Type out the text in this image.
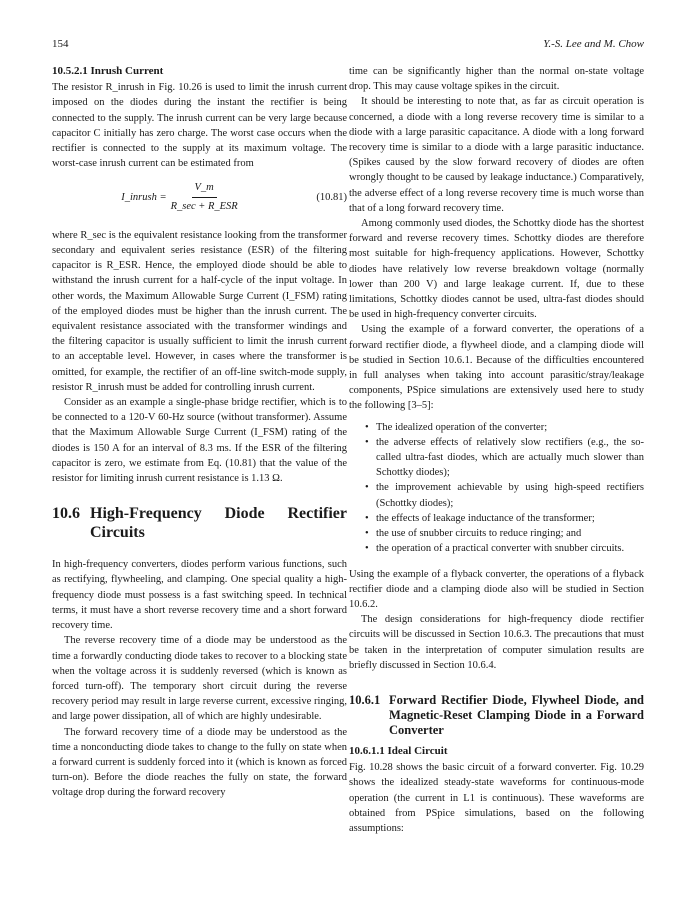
154	Y.-S. Lee and M. Chow
10.5.2.1 Inrush Current

The resistor R_inrush in Fig. 10.26 is used to limit the inrush current imposed on the diodes during the instant the rectifier is being connected to the supply. The inrush current can be very large because capacitor C initially has zero charge. The worst case occurs when the rectifier is connected to the supply at its maximum voltage. The worst-case inrush current can be estimated from

I_inrush = $\frac{V\_m}{\text{R\_sec + R\_ESR}}$	(10.81)

where R_sec is the equivalent resistance looking from the transformer secondary and equivalent series resistance (ESR) of the filtering capacitor is R_ESR. Hence, the employed diode should be able to withstand the inrush current for a half-cycle of the input voltage. In other words, the Maximum Allowable Surge Current (I_FSM) rating of the employed diodes must be higher than the inrush current. The equivalent resistance associated with the transformer windings and the filtering capacitor is usually sufficient to limit the inrush current to an acceptable level. However, in cases where the transformer is omitted, for example, the rectifier of an off-line switch-mode supply, resistor R_inrush must be added for controlling inrush current.

Consider as an example a single-phase bridge rectifier, which is to be connected to a 120-V 60-Hz source (without transformer). Assume that the Maximum Allowable Surge Current (I_FSM) rating of the diodes is 150 A for an interval of 8.3 ms. If the ESR of the filtering capacitor is zero, we estimate from Eq. (10.81) that the value of the resistor for limiting inrush current resistance is 1.13 Ω.

10.6 High-Frequency Diode Rectifier Circuits

In high-frequency converters, diodes perform various functions, such as rectifying, flywheeling, and clamping. One special quality a high-frequency diode must possess is a fast switching speed. In technical terms, it must have a short reverse recovery time and a short forward recovery time.

The reverse recovery time of a diode may be understood as the time a forwardly conducting diode takes to recover to a blocking state when the voltage across it is suddenly reversed (which is known as forced turn-off). The temporary short circuit during the reverse recovery period may result in large reverse current, excessive ringing, and large power dissipation, all of which are highly undesirable.

The forward recovery time of a diode may be understood as the time a nonconducting diode takes to change to the fully on state when a forward current is suddenly forced into it (which is known as forced turn-on). Before the diode reaches the fully on state, the forward voltage drop during the forward recovery

time can be significantly higher than the normal on-state voltage drop. This may cause voltage spikes in the circuit.

It should be interesting to note that, as far as circuit operation is concerned, a diode with a long reverse recovery time is similar to a diode with a large parasitic capacitance. A diode with a long forward recovery time is similar to a diode with a large parasitic inductance. (Spikes caused by the slow forward recovery of diodes are often wrongly thought to be caused by leakage inductance.) Comparatively, the adverse effect of a long reverse recovery time is much worse than that of a long forward recovery time.

Among commonly used diodes, the Schottky diode has the shortest forward and reverse recovery times. Schottky diodes are therefore most suitable for high-frequency applications. However, Schottky diodes have relatively low reverse breakdown voltage (normally lower than 200 V) and large leakage current. If, due to these limitations, Schottky diodes cannot be used, ultra-fast diodes should be used in high-frequency converter circuits.

Using the example of a forward converter, the operations of a forward rectifier diode, a flywheel diode, and a clamping diode will be studied in Section 10.6.1. Because of the difficulties encountered in full analyses when taking into account parasitic/stray/leakage components, PSpice simulations are extensively used here to study the following [3–5]:

• The idealized operation of the converter;
• the adverse effects of relatively slow rectifiers (e.g., the so-called ultra-fast diodes, which are actually much slower than Schottky diodes);
• the improvement achievable by using high-speed rectifiers (Schottky diodes);
• the effects of leakage inductance of the transformer;
• the use of snubber circuits to reduce ringing; and
• the operation of a practical converter with snubber circuits.

Using the example of a flyback converter, the operations of a flyback rectifier diode and a clamping diode also will be studied in Section 10.6.2.

The design considerations for high-frequency diode rectifier circuits will be discussed in Section 10.6.3. The precautions that must be taken in the interpretation of computer simulation results are briefly discussed in Section 10.6.4.

10.6.1 Forward Rectifier Diode, Flywheel Diode, and Magnetic-Reset Clamping Diode in a Forward Converter
10.6.1.1 Ideal Circuit

Fig. 10.28 shows the basic circuit of a forward converter. Fig. 10.29 shows the idealized steady-state waveforms for continuous-mode operation (the current in L1 is continuous). These waveforms are obtained from PSpice simulations, based on the following assumptions:
